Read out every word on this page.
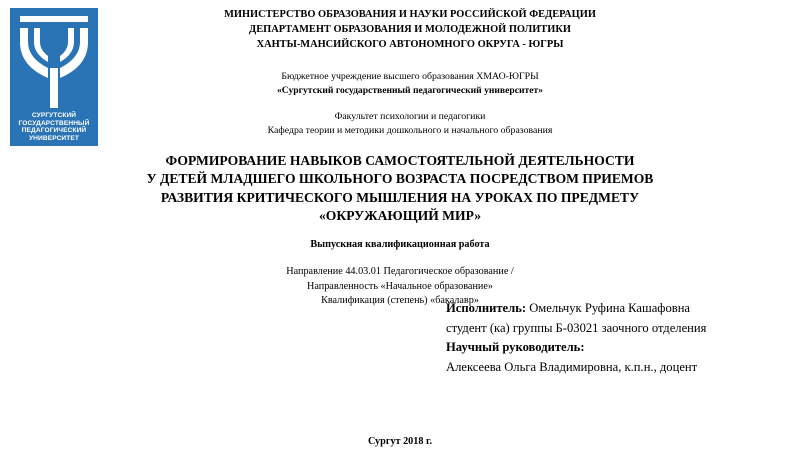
СУРГУТСКИЙ
ГОСУДАРСТВЕННЫЙ
ПЕДАГОГИЧЕСКИЙ
УНИВЕРСИТЕТ
МИНИСТЕРСТВО ОБРАЗОВАНИЯ И НАУКИ РОССИЙСКОЙ ФЕДЕРАЦИИ
ДЕПАРТАМЕНТ ОБРАЗОВАНИЯ И МОЛОДЕЖНОЙ ПОЛИТИКИ
ХАНТЫ-МАНСИЙСКОГО АВТОНОМНОГО ОКРУГА - ЮГРЫ
Бюджетное учреждение высшего образования ХМАО-ЮГРЫ
«Сургутский государственный педагогический университет»
Факультет психологии и педагогики
Кафедра теории и методики дошкольного и начального образования
ФОРМИРОВАНИЕ НАВЫКОВ САМОСТОЯТЕЛЬНОЙ ДЕЯТЕЛЬНОСТИ
У ДЕТЕЙ МЛАДШЕГО ШКОЛЬНОГО ВОЗРАСТА ПОСРЕДСТВОМ ПРИЕМОВ
РАЗВИТИЯ КРИТИЧЕСКОГО МЫШЛЕНИЯ НА УРОКАХ ПО ПРЕДМЕТУ
«ОКРУЖАЮЩИЙ МИР»
Выпускная квалификационная работа
Направление 44.03.01 Педагогическое образование /
Направленность «Начальное образование»
Квалификация (степень) «бакалавр»
Исполнитель: Омельчук Руфина Кашафовна
студент (ка) группы Б-03021 заочного отделения
Научный руководитель:
Алексеева Ольга Владимировна, к.п.н., доцент
Сургут 2018 г.
